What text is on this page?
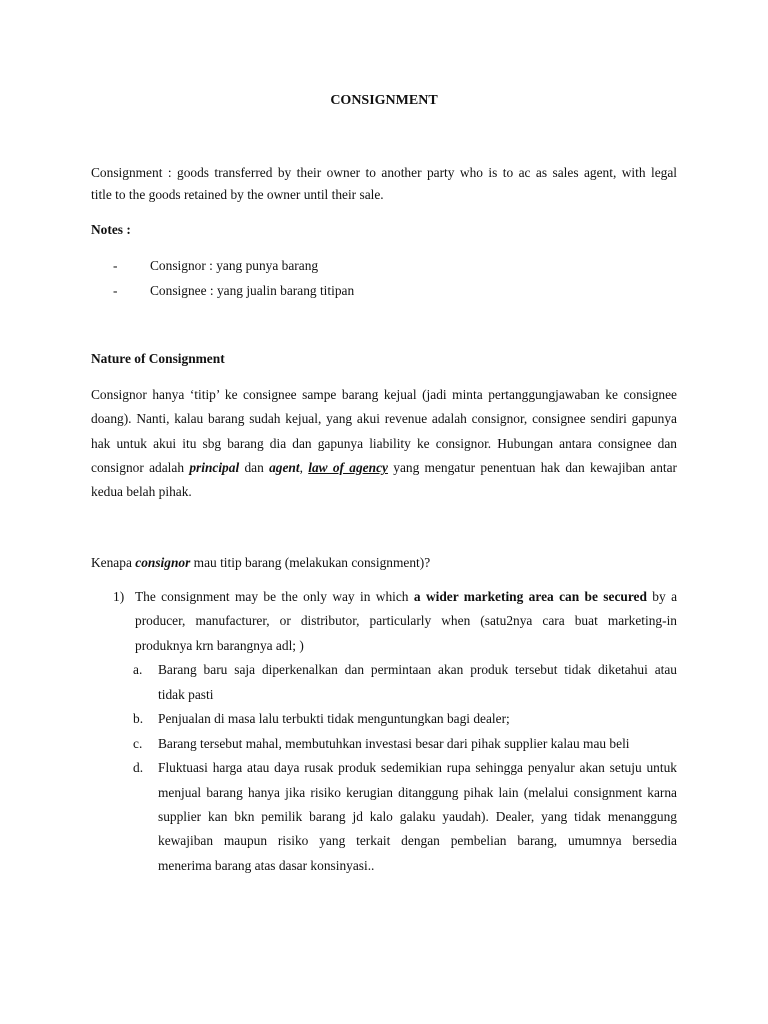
CONSIGNMENT
Consignment : goods transferred by their owner to another party who is to ac as sales agent, with legal
title to the goods retained by the owner until their sale.
Notes :
- Consignor : yang punya barang
- Consignee : yang jualin barang titipan
Nature of Consignment
Consignor hanya ‘titip’ ke consignee sampe barang kejual (jadi minta pertanggungjawaban ke consignee
doang). Nanti, kalau barang sudah kejual, yang akui revenue adalah consignor, consignee sendiri gapunya
hak untuk akui itu sbg barang dia dan gapunya liability ke consignor. Hubungan antara consignee dan
consignor adalah principal dan agent, law of agency yang mengatur penentuan hak dan kewajiban antar
kedua belah pihak.
Kenapa consignor mau titip barang (melakukan consignment)?
1) The consignment may be the only way in which a wider marketing area can be secured by a
producer, manufacturer, or distributor, particularly when (satu2nya cara buat marketing-in
produknya krn barangnya adl; )
a. Barang baru saja diperkenalkan dan permintaan akan produk tersebut tidak diketahui atau
tidak pasti
b. Penjualan di masa lalu terbukti tidak menguntungkan bagi dealer;
c. Barang tersebut mahal, membutuhkan investasi besar dari pihak supplier kalau mau beli
d. Fluktuasi harga atau daya rusak produk sedemikian rupa sehingga penyalur akan setuju untuk
menjual barang hanya jika risiko kerugian ditanggung pihak lain (melalui consignment karna
supplier kan bkn pemilik barang jd kalo galaku yaudah). Dealer, yang tidak menanggung
kewajiban maupun risiko yang terkait dengan pembelian barang, umumnya bersedia
menerima barang atas dasar konsinyasi..
